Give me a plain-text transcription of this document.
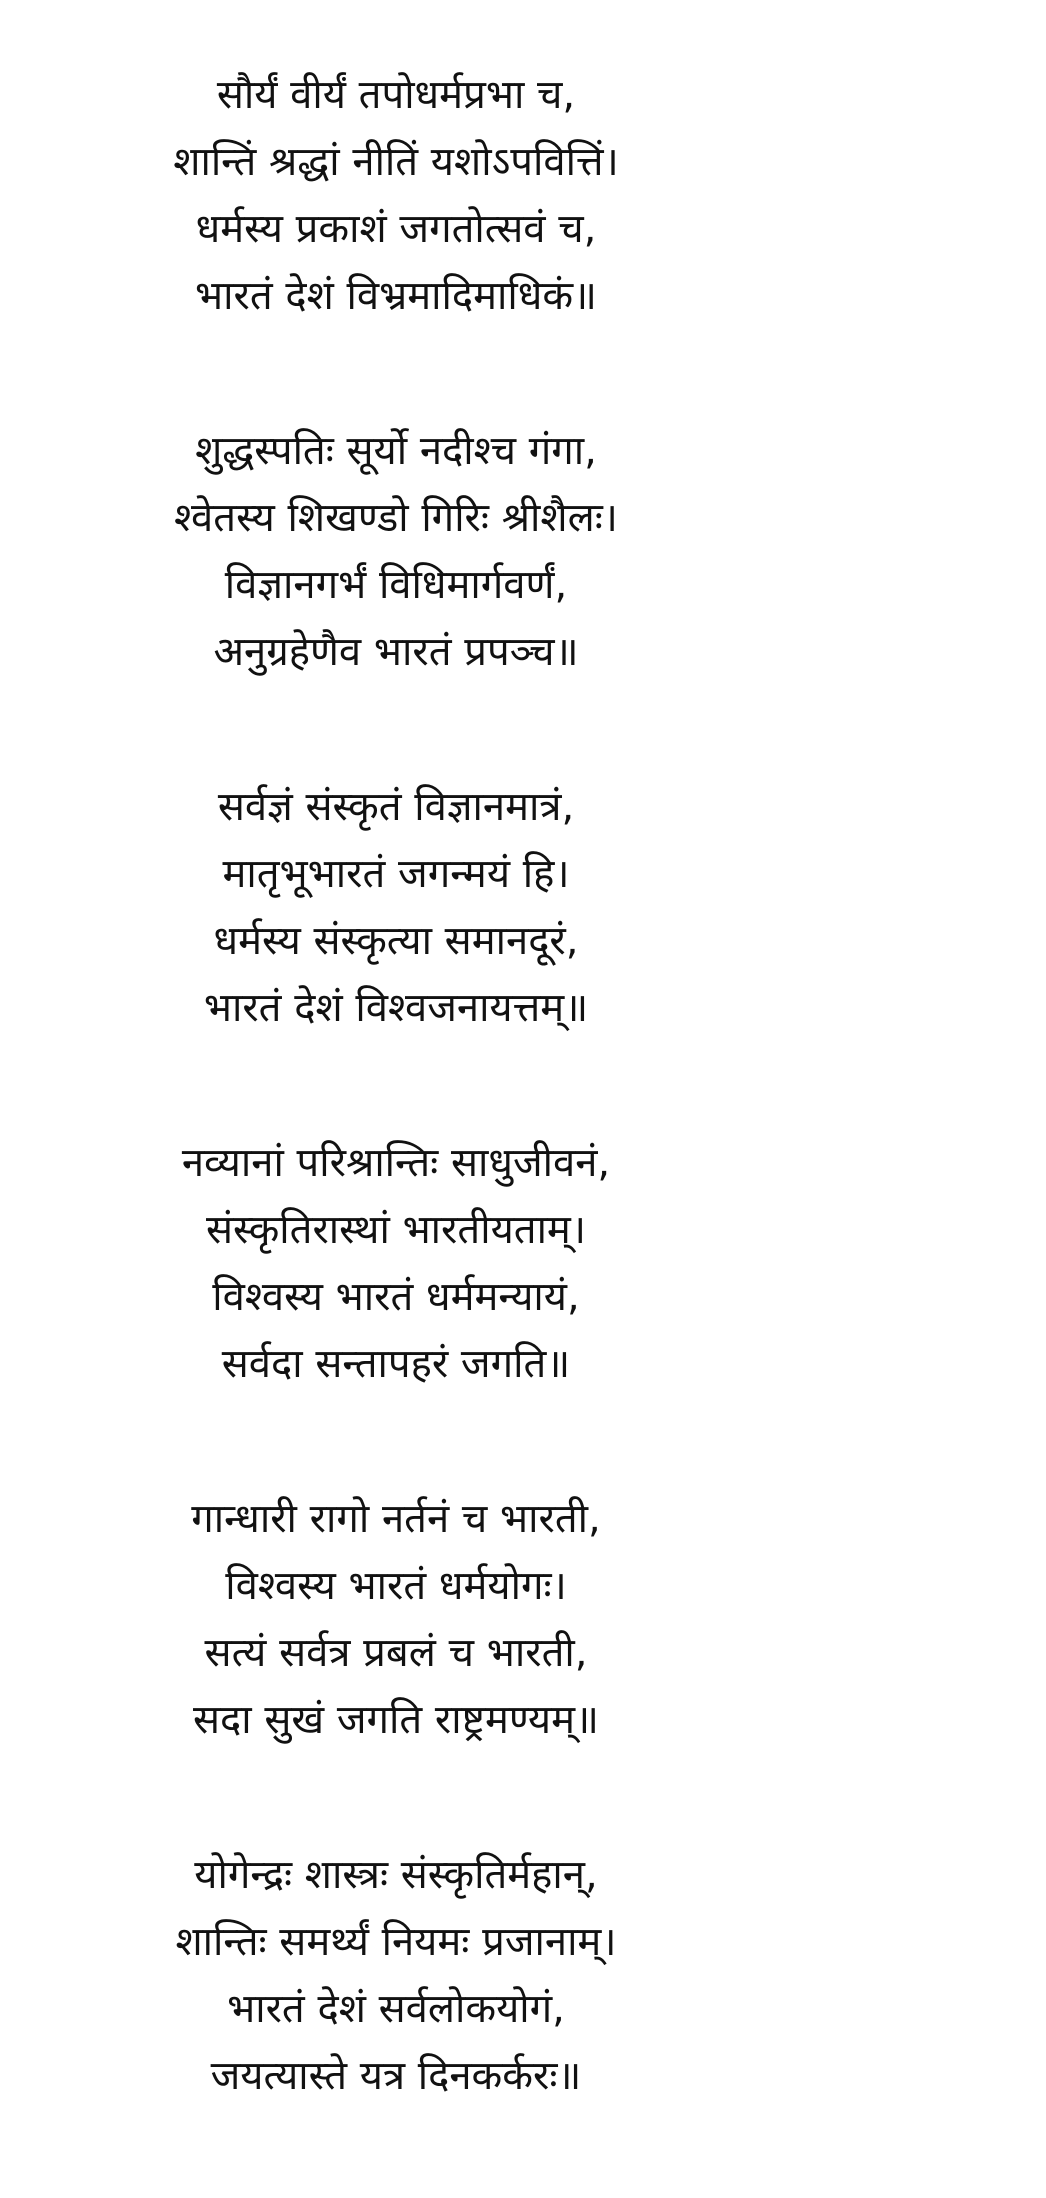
सौर्यं वीर्यं तपोधर्मप्रभा च,
शान्तिं श्रद्धां नीतिं यशोऽपवित्तिं।
धर्मस्य प्रकाशं जगतोत्सवं च,
भारतं देशं विभ्रमादिमाधिकं॥
शुद्धस्पतिः सूर्यो नदीश्च गंगा,
श्वेतस्य शिखण्डो गिरिः श्रीशैलः।
विज्ञानगर्भं विधिमार्गवर्णं,
अनुग्रहेणैव भारतं प्रपञ्च॥
सर्वज्ञं संस्कृतं विज्ञानमात्रं,
मातृभूभारतं जगन्मयं हि।
धर्मस्य संस्कृत्या समानदूरं,
भारतं देशं विश्वजनायत्तम्॥
नव्यानां परिश्रान्तिः साधुजीवनं,
संस्कृतिरास्थां भारतीयताम्।
विश्वस्य भारतं धर्ममन्यायं,
सर्वदा सन्तापहरं जगति॥
गान्धारी रागो नर्तनं च भारती,
विश्वस्य भारतं धर्मयोगः।
सत्यं सर्वत्र प्रबलं च भारती,
सदा सुखं जगति राष्ट्रमण्यम्॥
योगेन्द्रः शास्त्रः संस्कृतिर्महान्,
शान्तिः समर्थ्यं नियमः प्रजानाम्।
भारतं देशं सर्वलोकयोगं,
जयत्यास्ते यत्र दिनकर्करः॥
